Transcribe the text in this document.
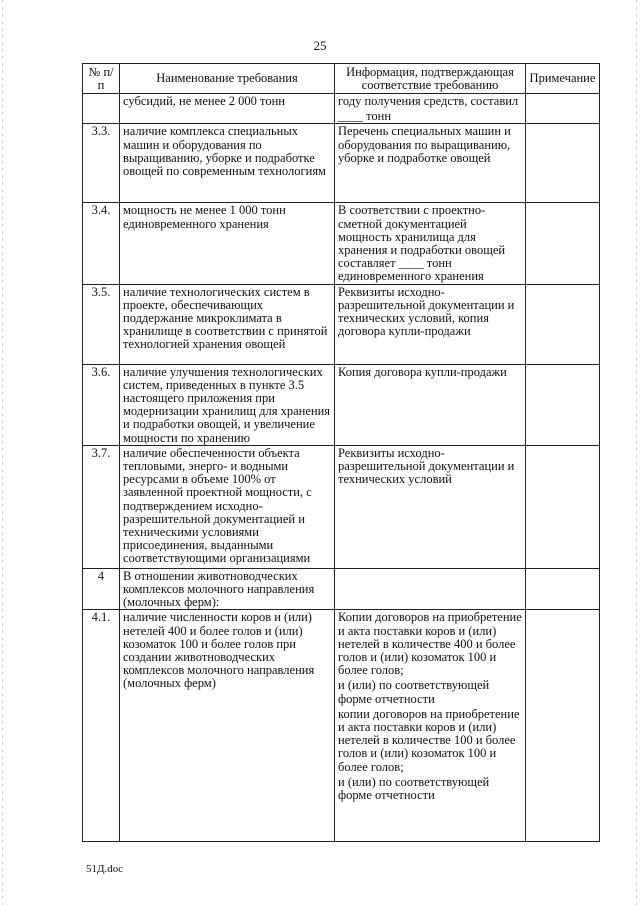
25
№ п/п	Наименование требования	Информация, подтверждающая соответствие требованию	Примечание
	субсидий, не менее 2 000 тонн	году получения средств, составил
____ тонн	

3.3.	наличие комплекса специальных машин и оборудования по выращиванию, уборке и подработке овощей по современным технологиям	Перечень специальных машин и оборудования по выращиванию, уборке и подработке овощей	

3.4.	мощность не менее 1 000 тонн единовременного хранения	В соответствии с проектно-сметной документацией мощность хранилища для хранения и подработки овощей составляет ____ тонн единовременного хранения	

3.5.	наличие технологических систем в проекте, обеспечивающих поддержание микроклимата в хранилище в соответствии с принятой технологией хранения овощей	Реквизиты исходно-разрешительной документации и технических условий, копия договора купли-продажи	

3.6.	наличие улучшения технологических систем, приведенных в пункте 3.5 настоящего приложения при модернизации хранилищ для хранения и подработки овощей, и увеличение мощности по хранению	Копия договора купли-продажи	

3.7.	наличие обеспеченности объекта тепловыми, энерго- и водными ресурсами в объеме 100% от заявленной проектной мощности, с подтверждением исходно-разрешительной документацией и техническими условиями присоединения, выданными соответствующими организациями	Реквизиты исходно-разрешительной документации и технических условий	

4	В отношении животноводческих комплексов молочного направления (молочных ферм):		
4.1.	наличие численности коров и (или) нетелей 400 и более голов и (или) козоматок 100 и более голов при создании животноводческих комплексов молочного направления (молочных ферм)	Копии договоров на приобретение и акта поставки коров и (или) нетелей в количестве 400 и более голов и (или) козоматок 100 и более голов;
и (или) по соответствующей форме отчетности
копии договоров на приобретение и акта поставки коров и (или) нетелей в количестве 100 и более голов и (или) козоматок 100 и более голов;
и (или) по соответствующей форме отчетности	

51Д.doc
